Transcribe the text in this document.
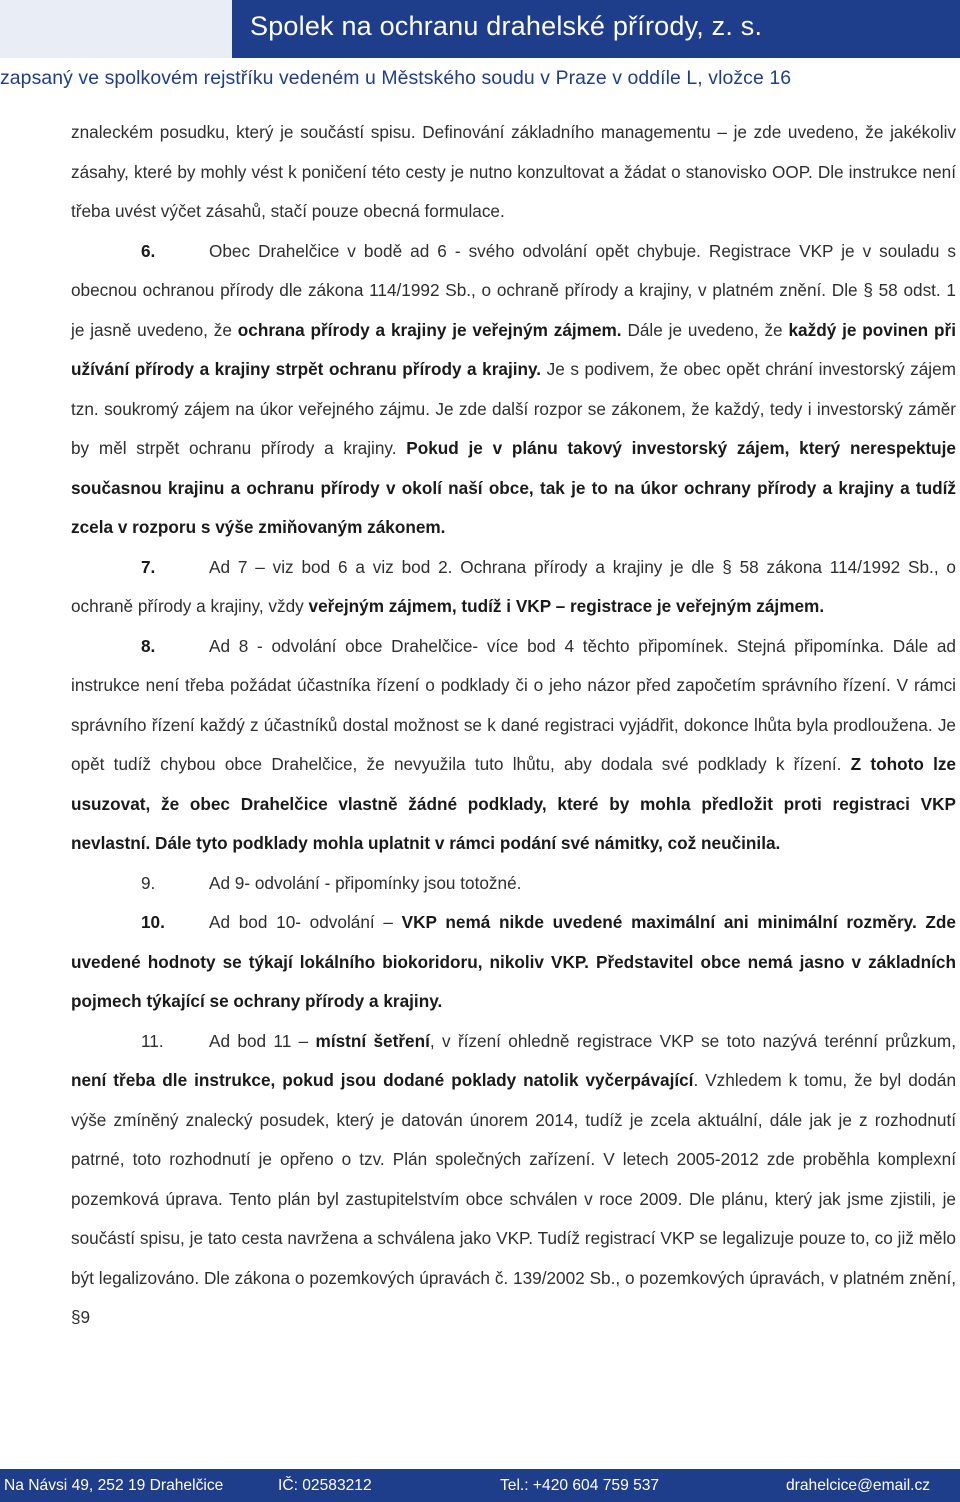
Spolek na ochranu drahelské přírody, z. s.
zapsaný ve spolkovém rejstříku vedeném u Městského soudu v Praze v oddíle L, vložce 16

znaleckém posudku, který je součástí spisu. Definování základního managementu – je zde uvedeno, že jakékoliv zásahy, které by mohly vést k poničení této cesty je nutno konzultovat a žádat o stanovisko OOP. Dle instrukce není třeba uvést výčet zásahů, stačí pouze obecná formulace.

6.	Obec Drahelčice v bodě ad 6 - svého odvolání opět chybuje. Registrace VKP je v souladu s obecnou ochranou přírody dle zákona 114/1992 Sb., o ochraně přírody a krajiny, v platném znění. Dle § 58 odst. 1 je jasně uvedeno, že ochrana přírody a krajiny je veřejným zájmem. Dále je uvedeno, že každý je povinen při užívání přírody a krajiny strpět ochranu přírody a krajiny. Je s podivem, že obec opět chrání investorský zájem tzn. soukromý zájem na úkor veřejného zájmu. Je zde další rozpor se zákonem, že každý, tedy i investorský záměr by měl strpět ochranu přírody a krajiny. Pokud je v plánu takový investorský zájem, který nerespektuje současnou krajinu a ochranu přírody v okolí naší obce, tak je to na úkor ochrany přírody a krajiny a tudíž zcela v rozporu s výše zmiňovaným zákonem.

7.	Ad 7 – viz bod 6 a viz bod 2. Ochrana přírody a krajiny je dle § 58 zákona 114/1992 Sb., o ochraně přírody a krajiny, vždy veřejným zájmem, tudíž i VKP – registrace je veřejným zájmem.

8.	Ad 8 - odvolání obce Drahelčice- více bod 4 těchto připomínek. Stejná připomínka. Dále ad instrukce není třeba požádat účastníka řízení o podklady či o jeho názor před započetím správního řízení. V rámci správního řízení každý z účastníků dostal možnost se k dané registraci vyjádřit, dokonce lhůta byla prodloužena. Je opět tudíž chybou obce Drahelčice, že nevyužila tuto lhůtu, aby dodala své podklady k řízení. Z tohoto lze usuzovat, že obec Drahelčice vlastně žádné podklady, které by mohla předložit proti registraci VKP nevlastní. Dále tyto podklady mohla uplatnit v rámci podání své námitky, což neučinila.

9.	Ad 9- odvolání - připomínky jsou totožné.

10.	Ad bod 10- odvolání – VKP nemá nikde uvedené maximální ani minimální rozměry. Zde uvedené hodnoty se týkají lokálního biokoridoru, nikoliv VKP. Představitel obce nemá jasno v základních pojmech týkající se ochrany přírody a krajiny.

11.	Ad bod 11 – místní šetření, v řízení ohledně registrace VKP se toto nazývá terénní průzkum, není třeba dle instrukce, pokud jsou dodané poklady natolik vyčerpávající. Vzhledem k tomu, že byl dodán výše zmíněný znalecký posudek, který je datován únorem 2014, tudíž je zcela aktuální, dále jak je z rozhodnutí patrné, toto rozhodnutí je opřeno o tzv. Plán společných zařízení. V letech 2005-2012 zde proběhla komplexní pozemková úprava. Tento plán byl zastupitelstvím obce schválen v roce 2009. Dle plánu, který jak jsme zjistili, je součástí spisu, je tato cesta navržena a schválena jako VKP. Tudíž registrací VKP se legalizuje pouze to, co již mělo být legalizováno. Dle zákona o pozemkových úpravách č. 139/2002 Sb., o pozemkových úpravách, v platném znění, §9

Na Návsi 49, 252 19 Drahelčice	IČ: 02583212	Tel.: +420 604 759 537	drahelcice@email.cz
